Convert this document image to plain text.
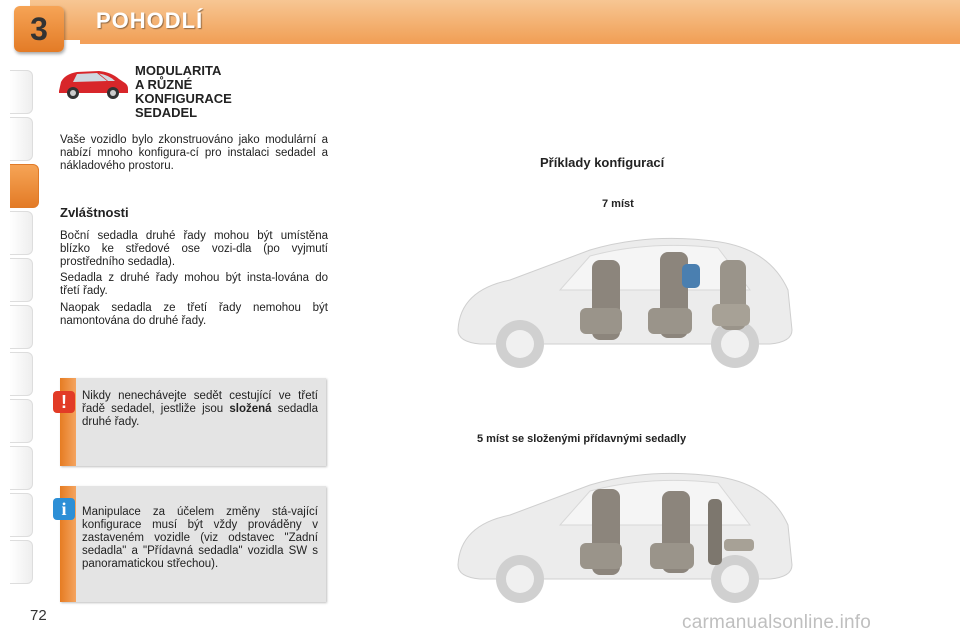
3	POHODLÍ
MODULARITA
A RŮZNÉ
KONFIGURACE
SEDADEL
Vaše vozidlo bylo zkonstruováno jako modulární a nabízí mnoho konfigura-cí pro instalaci sedadel a nákladového prostoru.
Zvláštnosti
Boční sedadla druhé řady mohou být umístěna blízko ke středové ose vozi-dla (po vyjmutí prostředního sedadla).
Sedadla z druhé řady mohou být insta-lována do třetí řady.
Naopak sedadla ze třetí řady nemohou být namontována do druhé řady.
Nikdy nenechávejte sedět cestující ve třetí řadě sedadel, jestliže jsou složená sedadla druhé řady.
!
Manipulace za účelem změny stá-vající konfigurace musí být vždy prováděny v zastaveném vozidle (viz odstavec "Zadní sedadla" a "Přídavná sedadla" vozidla SW s panoramatickou střechou).
i
Příklady konfigurací
7 míst
5 míst se složenými přídavnými sedadly
72	carmanualsonline.info
